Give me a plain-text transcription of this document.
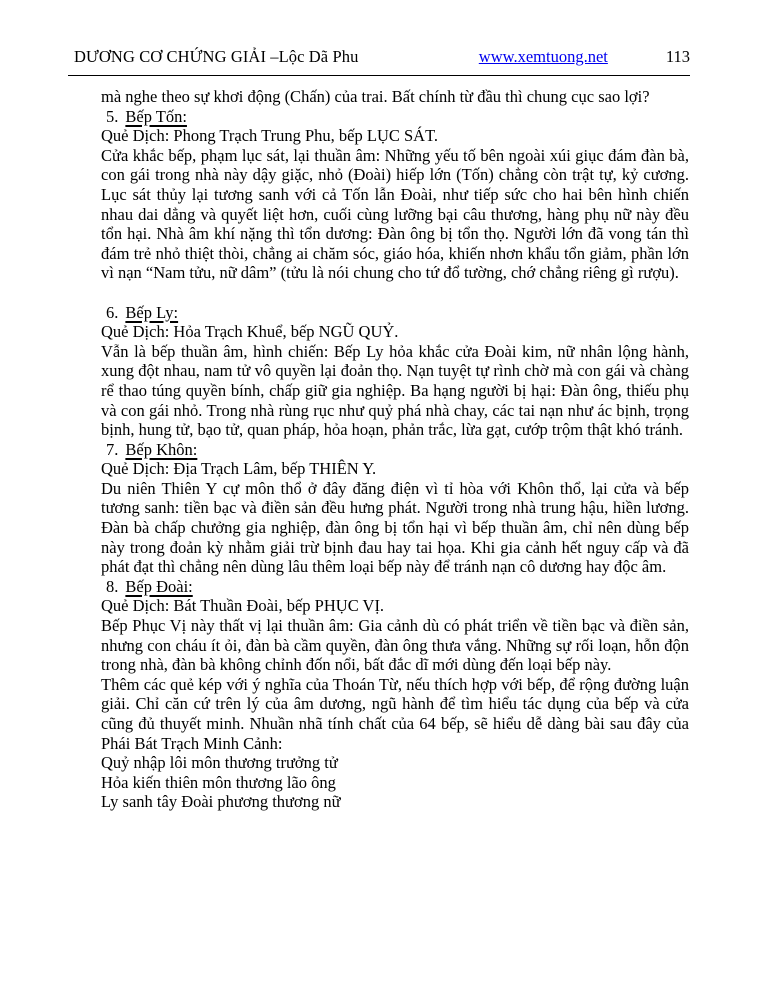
DƯƠNG CƠ CHỨNG GIẢI –Lộc Dã Phu	www.xemtuong.net	113

mà nghe theo sự khơi động (Chấn) của trai. Bất chính từ đầu thì chung cục sao lợi?

5. Bếp Tốn:

Quẻ Dịch: Phong Trạch Trung Phu, bếp LỤC SÁT.

Cửa khắc bếp, phạm lục sát, lại thuần âm: Những yếu tố bên ngoài xúi giục đám đàn bà, con gái trong nhà này dậy giặc, nhỏ (Đoài) hiếp lớn (Tốn) chẳng còn trật tự, kỷ cương. Lục sát thủy lại tương sanh với cả Tốn lẫn Đoài, như tiếp sức cho hai bên hình chiến nhau dai dẳng và quyết liệt hơn, cuối cùng lưỡng bại câu thương, hàng phụ nữ này đều tổn hại. Nhà âm khí nặng thì tổn dương: Đàn ông bị tổn thọ. Người lớn đã vong tán thì đám trẻ nhỏ thiệt thòi, chẳng ai chăm sóc, giáo hóa, khiến nhơn khẩu tổn giảm, phần lớn vì nạn “Nam tửu, nữ dâm” (tửu là nói chung cho tứ đổ tường, chớ chẳng riêng gì rượu).

6. Bếp Ly:

Quẻ Dịch: Hỏa Trạch Khuể, bếp NGŨ QUỶ.

Vẫn là bếp thuần âm, hình chiến: Bếp Ly hỏa khắc cửa Đoài kim, nữ nhân lộng hành, xung đột nhau, nam tử vô quyền lại đoản thọ. Nạn tuyệt tự rình chờ mà con gái và chàng rể thao túng quyền bính, chấp giữ gia nghiệp. Ba hạng người bị hại: Đàn ông, thiếu phụ và con gái nhỏ. Trong nhà rùng rục như quỷ phá nhà chay, các tai nạn như ác bịnh, trọng bịnh, hung tử, bạo tử, quan pháp, hỏa hoạn, phản trắc, lừa gạt, cướp trộm thật khó tránh.

7. Bếp Khôn:

Quẻ Dịch: Địa Trạch Lâm, bếp THIÊN Y.

Du niên Thiên Y cự môn thổ ở đây đăng điện vì tỉ hòa với Khôn thổ, lại cửa và bếp tương sanh: tiền bạc và điền sản đều hưng phát. Người trong nhà trung hậu, hiền lương. Đàn bà chấp chưởng gia nghiệp, đàn ông bị tổn hại vì bếp thuần âm, chỉ nên dùng bếp này trong đoản kỳ nhằm giải trừ bịnh đau hay tai họa. Khi gia cảnh hết nguy cấp và đã phát đạt thì chẳng nên dùng lâu thêm loại bếp này để tránh nạn cô dương hay độc âm.

8. Bếp Đoài:

Quẻ Dịch: Bát Thuần Đoài, bếp PHỤC VỊ.

Bếp Phục Vị này thất vị lại thuần âm: Gia cảnh dù có phát triển về tiền bạc và điền sản, nhưng con cháu ít ỏi, đàn bà cầm quyền, đàn ông thưa vắng. Những sự rối loạn, hỗn độn trong nhà, đàn bà không chỉnh đốn nổi, bất đắc dĩ mới dùng đến loại bếp này.

Thêm các quẻ kép với ý nghĩa của Thoán Từ, nếu thích hợp với bếp, để rộng đường luận giải. Chỉ căn cứ trên lý của âm dương, ngũ hành để tìm hiểu tác dụng của bếp và cửa cũng đủ thuyết minh. Nhuần nhã tính chất của 64 bếp, sẽ hiểu dễ dàng bài sau đây của Phái Bát Trạch Minh Cảnh:

Quỷ nhập lôi môn thương trưởng tử

Hỏa kiến thiên môn thương lão ông

Ly sanh tây Đoài phương thương nữ
